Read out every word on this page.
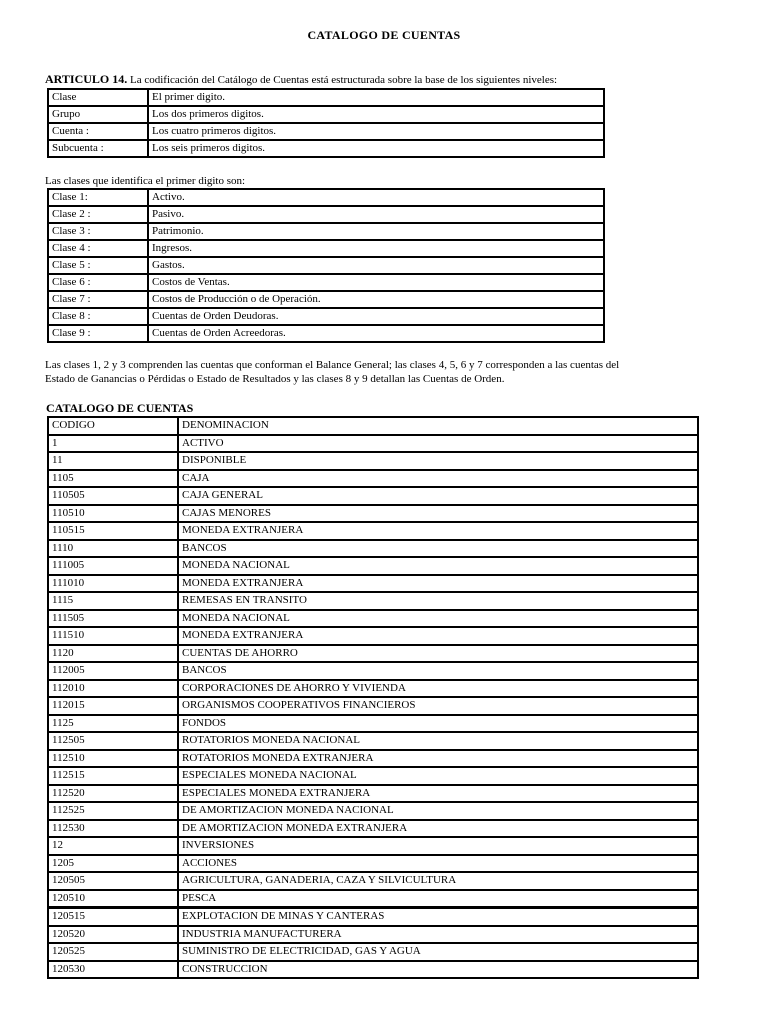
CATALOGO DE CUENTAS

ARTICULO 14. La codificación del Catálogo de Cuentas está estructurada sobre la base de los siguientes niveles:

Clase	El primer digito.
Grupo	Los dos primeros digitos.
Cuenta :	Los cuatro primeros digitos.
Subcuenta :	Los seis primeros digitos.

Las clases que identifica el primer digito son:

Clase 1:	Activo.
Clase 2 :	Pasivo.
Clase 3 :	Patrimonio.
Clase 4 :	Ingresos.
Clase 5 :	Gastos.
Clase 6 :	Costos de Ventas.
Clase 7 :	Costos de Producción o de Operación.
Clase 8 :	Cuentas de Orden Deudoras.
Clase 9 :	Cuentas de Orden Acreedoras.

Las clases 1, 2 y 3 comprenden las cuentas que conforman el Balance General; las clases 4, 5, 6 y 7 corresponden a las cuentas del
Estado de Ganancias o Pérdidas o Estado de Resultados y las clases 8 y 9 detallan las Cuentas de Orden.

CATALOGO DE CUENTAS
CODIGO	DENOMINACION
1	ACTIVO
11	DISPONIBLE
1105	CAJA
110505	CAJA GENERAL
110510	CAJAS MENORES
110515	MONEDA EXTRANJERA
1110	BANCOS
111005	MONEDA NACIONAL
111010	MONEDA EXTRANJERA
1115	REMESAS EN TRANSITO
111505	MONEDA NACIONAL
111510	MONEDA EXTRANJERA
1120	CUENTAS DE AHORRO
112005	BANCOS
112010	CORPORACIONES DE AHORRO Y VIVIENDA
112015	ORGANISMOS COOPERATIVOS FINANCIEROS
1125	FONDOS
112505	ROTATORIOS MONEDA NACIONAL
112510	ROTATORIOS MONEDA EXTRANJERA
112515	ESPECIALES MONEDA NACIONAL
112520	ESPECIALES MONEDA EXTRANJERA
112525	DE AMORTIZACION MONEDA NACIONAL
112530	DE AMORTIZACION MONEDA EXTRANJERA
12	INVERSIONES
1205	ACCIONES
120505	AGRICULTURA, GANADERIA, CAZA Y SILVICULTURA
120510	PESCA
120515	EXPLOTACION DE MINAS Y CANTERAS
120520	INDUSTRIA MANUFACTURERA
120525	SUMINISTRO DE ELECTRICIDAD, GAS Y AGUA
120530	CONSTRUCCION
